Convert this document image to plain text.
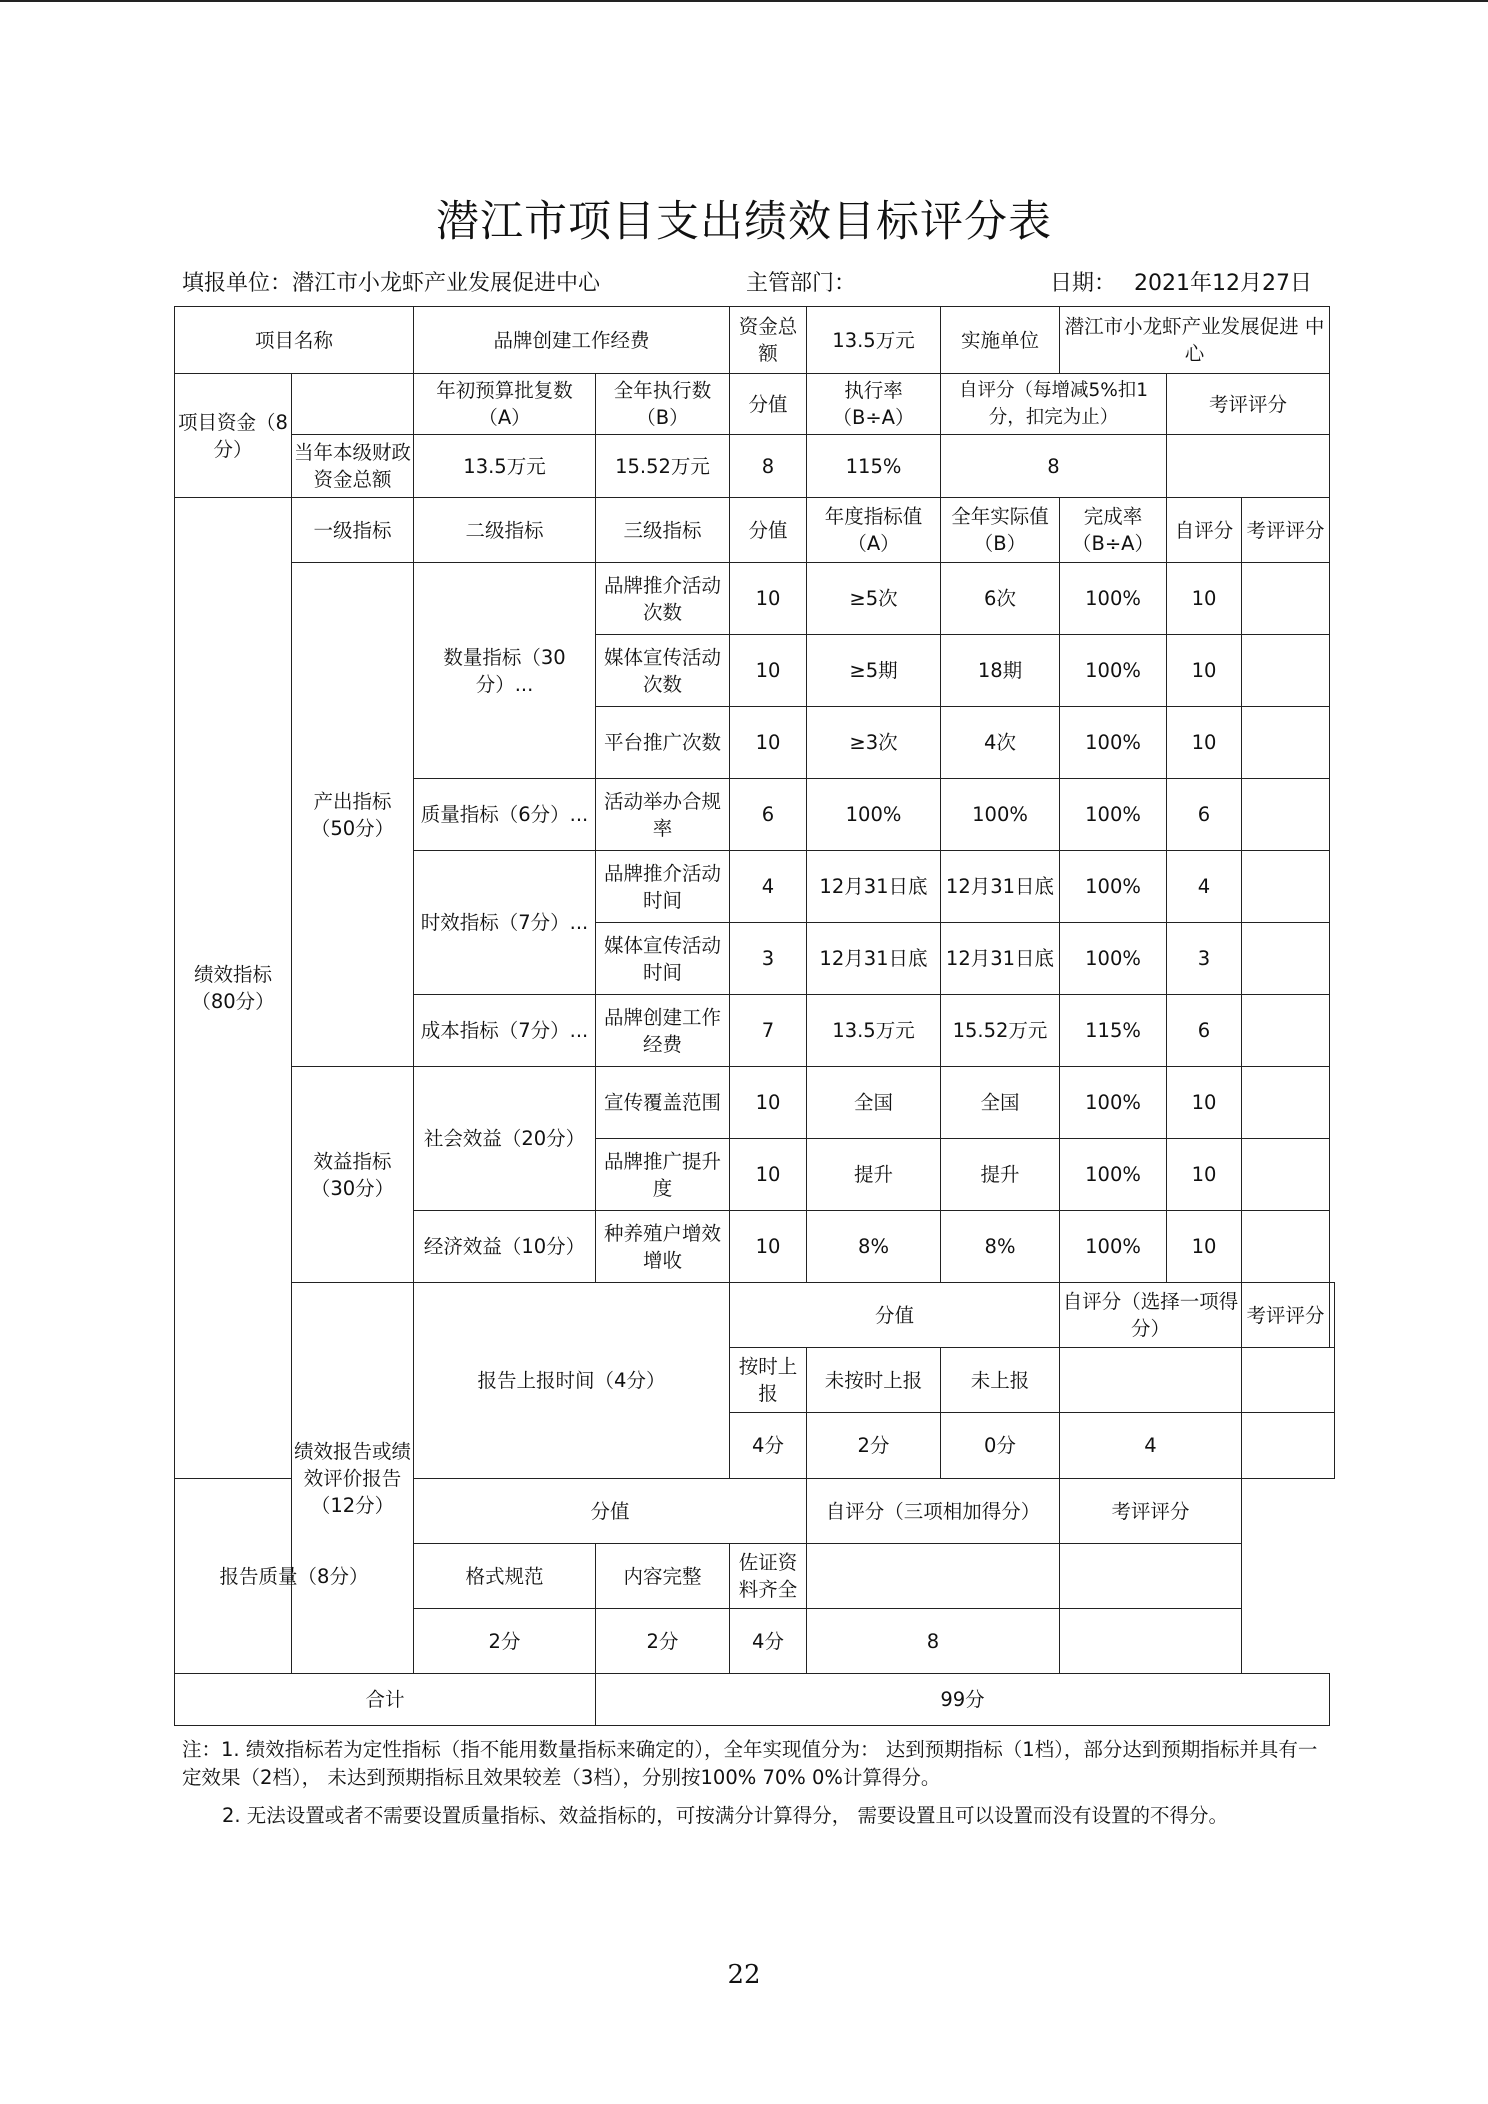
潜江市项目支出绩效目标评分表
填报单位：潜江市小龙虾产业发展促进中心	主管部门：	日期： 2021年12月27日
项目名称		品牌创建工作经费		资金总额	13.5万元	实施单位	潜江市小龙虾产业发展促进 中心			
项目资金（8分）		年初预算批复数（A）	全年执行数（B）	分值	执行率（B÷A）	自评分（每增减5%扣1分，扣完为止）		考评评分		
	当年本级财政资金总额	13.5万元	15.52万元	8	115%	8				
绩效指标（80分）	一级指标	二级指标	三级指标	分值	年度指标值（A）	全年实际值（B）	完成率（B÷A）	自评分	考评评分	
	产出指标（50分）	数量指标（30分）...	品牌推介活动次数	10	≥5次	6次	100%	10		
			媒体宣传活动次数	10	≥5期	18期	100%	10		
			平台推广次数	10	≥3次	4次	100%	10		
		质量指标（6分）...	活动举办合规率	6	100%	100%	100%	6		
		时效指标（7分）...	品牌推介活动时间	4	12月31日底	12月31日底	100%	4		
			媒体宣传活动时间	3	12月31日底	12月31日底	100%	3		
		成本指标（7分）...	品牌创建工作经费	7	13.5万元	15.52万元	115%	6		
	效益指标（30分）	社会效益（20分）	宣传覆盖范围	10	全国	全国	100%	10		
			品牌推广提升度	10	提升	提升	100%	10		
		经济效益（10分）	种养殖户增效增收	10	8%	8%	100%	10		
	绩效报告或绩效评价报告（12分）	报告上报时间（4分）		分值			自评分（选择一项得分）		考评评分	
				按时上报	未按时上报	未上报				
				4分	2分	0分	4			
报告质量（8分）		分值			自评分（三项相加得分）		考评评分			
		格式规范	内容完整	佐证资料齐全						
		2分	2分	4分	8					
合计			99分							

注：1. 绩效指标若为定性指标（指不能用数量指标来确定的），全年实现值分为： 达到预期指标（1档），部分达到预期指标并具有一定效果（2档）， 未达到预期指标且效果较差（3档），分别按100% 70% 0%计算得分。

2. 无法设置或者不需要设置质量指标、效益指标的，可按满分计算得分， 需要设置且可以设置而没有设置的不得分。

22
